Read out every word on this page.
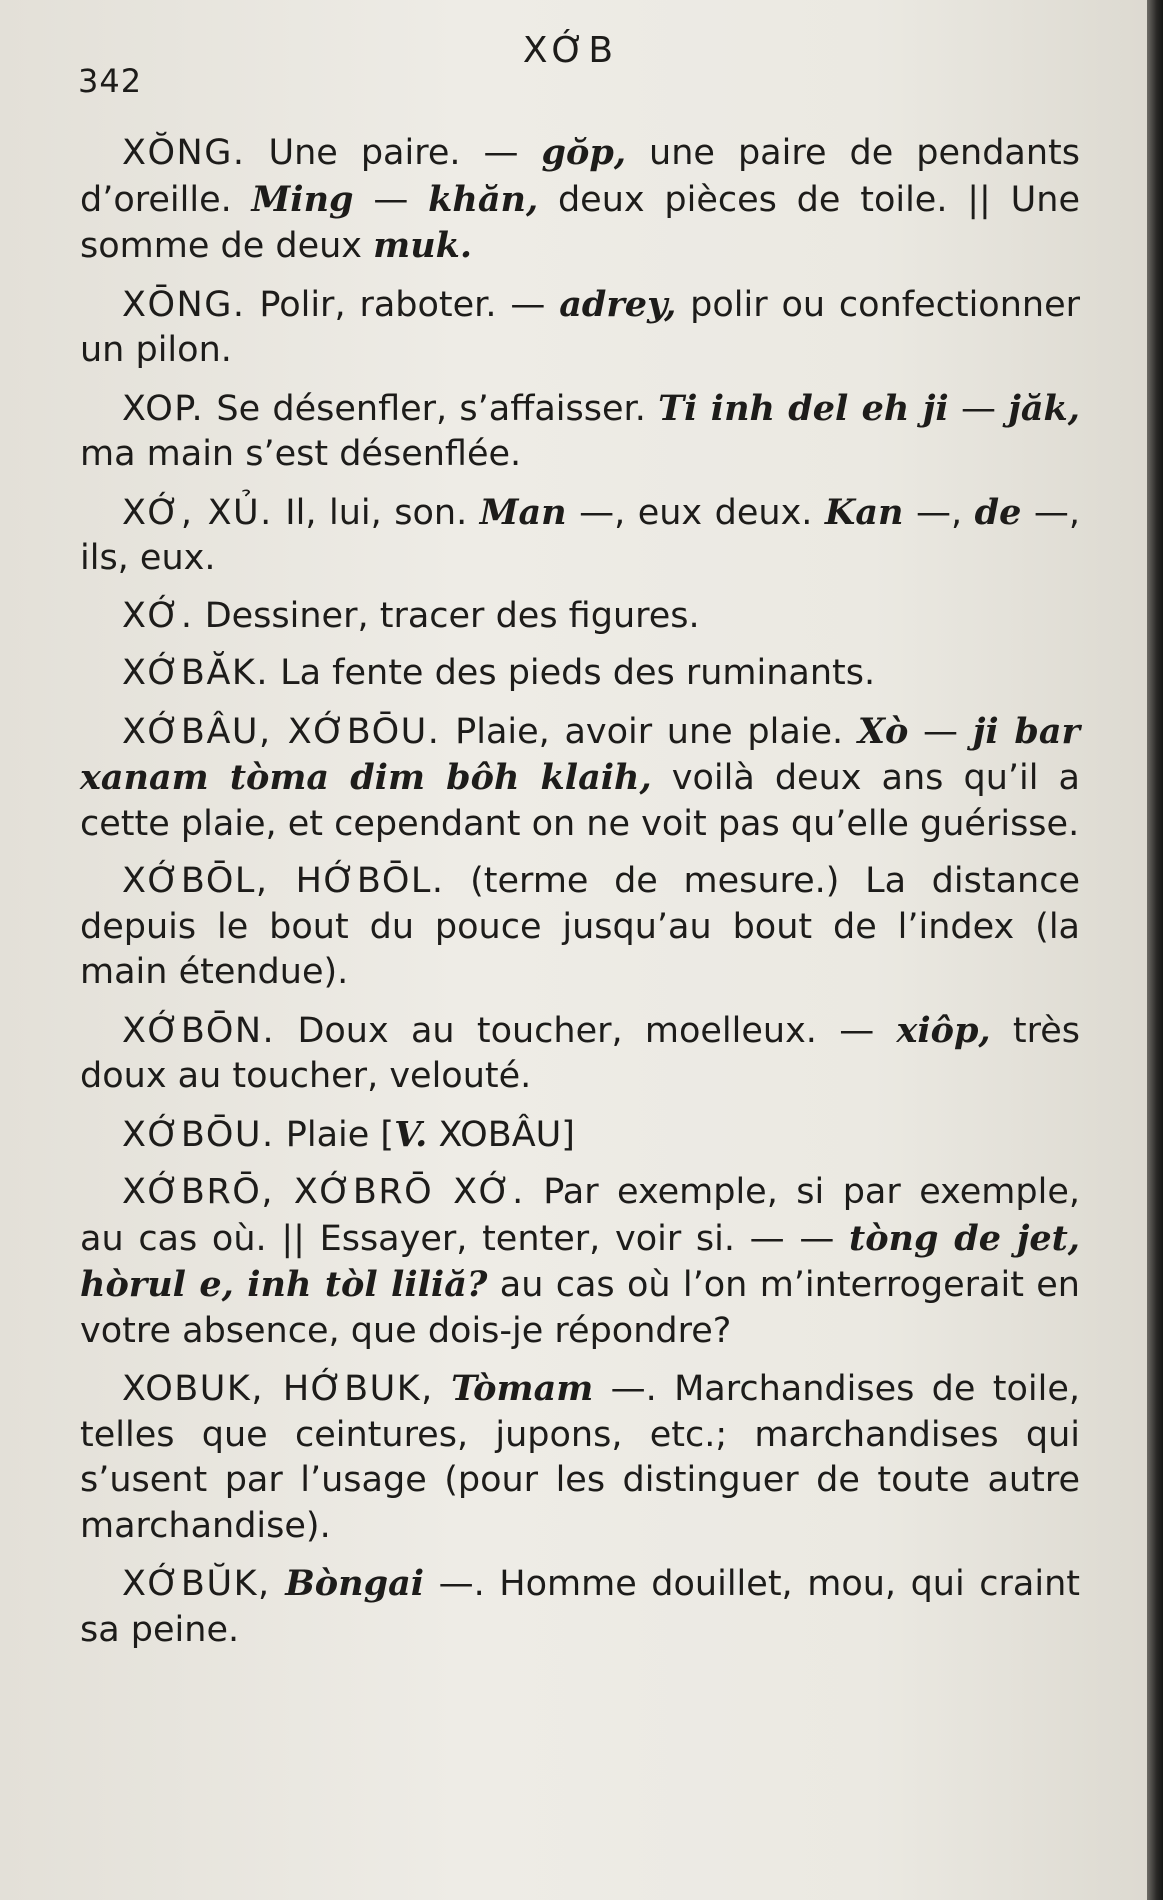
342
XỚB

XŎNG. Une paire. — gŏp, une paire de pendants d’oreille. Ming — khăn, deux pièces de toile. || Une somme de deux muk.

XŌNG. Polir, raboter. — adrey, polir ou confectionner un pilon.

XOP. Se désenfler, s’affaisser. Ti inh del eh ji — jăk, ma main s’est désenflée.

XỚ, XỦ. Il, lui, son. Man —, eux deux. Kan —, de —, ils, eux.

XỚ. Dessiner, tracer des figures.

XỚBĂK. La fente des pieds des ruminants.

XỚBÂU, XỚBŌU. Plaie, avoir une plaie. Xò — ji bar xanam tòma dim bôh klaih, voilà deux ans qu’il a cette plaie, et cependant on ne voit pas qu’elle guérisse.

XỚBŌL, HỚBŌL. (terme de mesure.) La distance depuis le bout du pouce jusqu’au bout de l’index (la main étendue).

XỚBŌN. Doux au toucher, moelleux. — xiôp, très doux au toucher, velouté.

XỚBŌU. Plaie [V. XOBÂU]

XỚBRŌ, XỚBRŌ XỚ. Par exemple, si par exemple, au cas où. || Essayer, tenter, voir si. — — tòng de jet, hòrul e, inh tòl liliă? au cas où l’on m’interrogerait en votre absence, que dois-je répondre?

XOBUK, HỚBUK, Tòmam —. Marchandises de toile, telles que ceintures, jupons, etc.; marchandises qui s’usent par l’usage (pour les distinguer de toute autre marchandise).

XỚBŬK, Bòngai —. Homme douillet, mou, qui craint sa peine.
